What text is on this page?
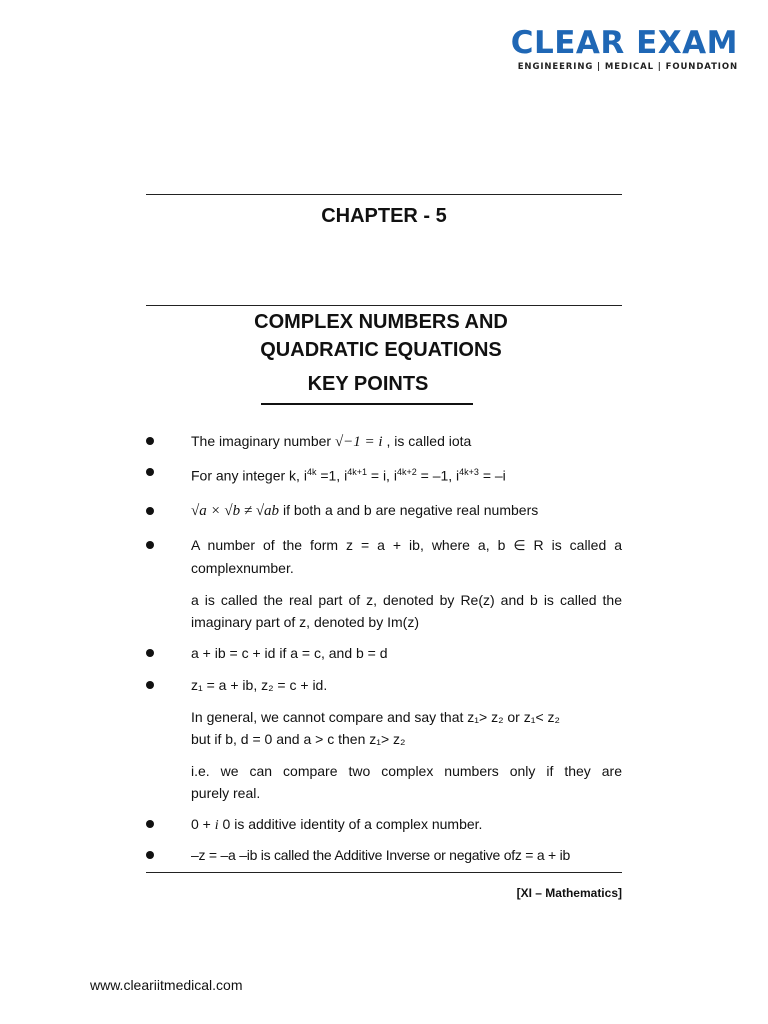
CLEAR EXAM
ENGINEERING | MEDICAL | FOUNDATION
CHAPTER - 5
COMPLEX NUMBERS AND
QUADRATIC EQUATIONS
KEY POINTS
The imaginary number √−1 = i , is called iota
For any integer k, $i^{4k} =1$, $i^{4k+1} = i$, $i^{4k+2} = -1$, $i^{4k+3} = -i$
√a × √b ≠ √ab if both a and b are negative real numbers
A number of the form z = a + ib, where a, b ∈ R is called a
complexnumber.
a is called the real part of z, denoted by Re(z) and b is called the
imaginary part of z, denoted by Im(z)
a + ib = c + id if a = c, and b = d
z₁ = a + ib, z₂ = c + id.
In general, we cannot compare and say that z₁> z₂ or z₁< z₂
but if b, d = 0 and a > c then z₁> z₂
i.e. we can compare two complex numbers only if they are
purely real.
0 + i 0 is additive identity of a complex number.
–z = –a –ib is called the Additive Inverse or negative ofz = a + ib
[XI – Mathematics]
www.cleariitmedical.com
